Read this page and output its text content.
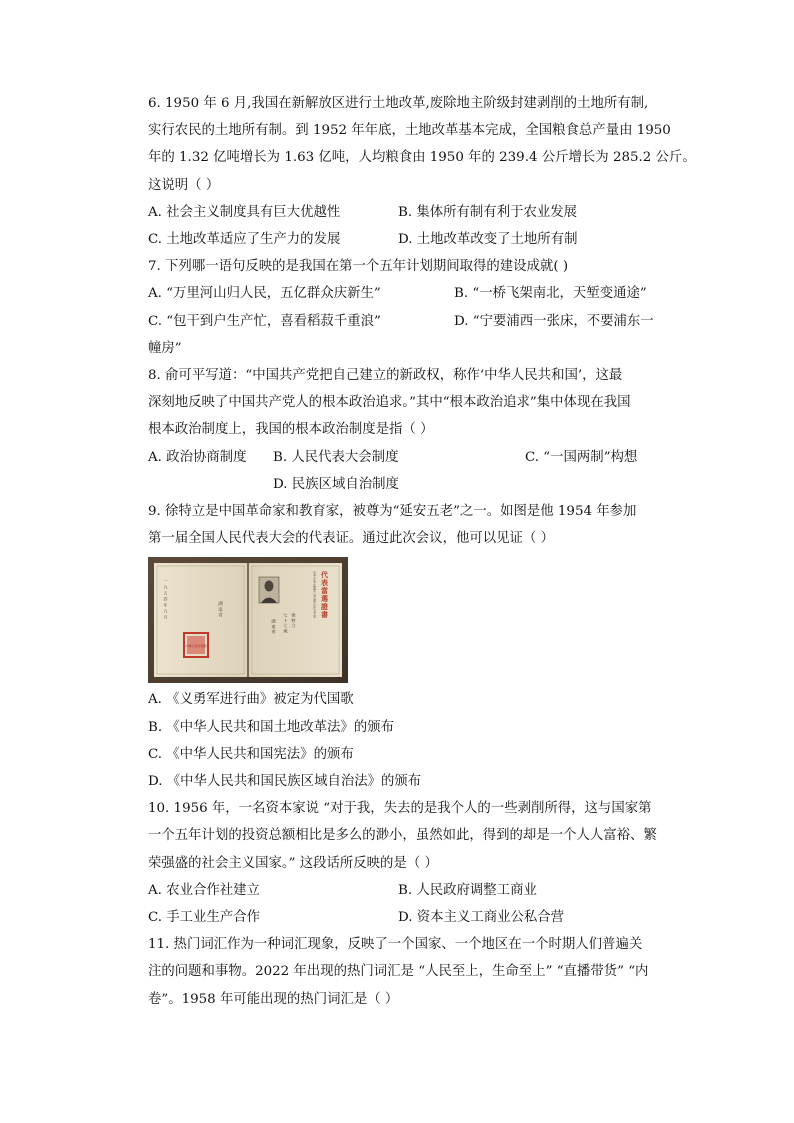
6. 1950 年 6 月,我国在新解放区进行土地改革,废除地主阶级封建剥削的土地所有制,
实行农民的土地所有制。到 1952 年年底，土地改革基本完成，全国粮食总产量由 1950
年的 1.32 亿吨增长为 1.63 亿吨，人均粮食由 1950 年的 239.4 公斤增长为 285.2 公斤。
这说明（ ）
A. 社会主义制度具有巨大优越性	B. 集体所有制有利于农业发展
C. 土地改革适应了生产力的发展	D. 土地改革改变了土地所有制
7. 下列哪一语句反映的是我国在第一个五年计划期间取得的建设成就( )
A. “万里河山归人民，五亿群众庆新生”	B. “一桥飞架南北，天堑变通途”
C. “包干到户生产忙，喜看稻菽千重浪”	D. “宁要浦西一张床，不要浦东一
幢房”
8. 俞可平写道：“中国共产党把自己建立的新政权，称作‘中华人民共和国’，这最
深刻地反映了中国共产党人的根本政治追求。”其中“根本政治追求”集中体现在我国
根本政治制度上，我国的根本政治制度是指（ ）
A. 政治协商制度 B. 人民代表大会制度	C. “一国两制”构想
D. 民族区域自治制度
9. 徐特立是中国革命家和教育家，被尊为“延安五老”之一。如图是他 1954 年参加
第一届全国人民代表大会的代表证。通过此次会议，他可以见证（ ）
一九五四年九月	湖南省
中華人民共和國
代表當選證書
中華人民共和國第一屆全國人民代表大會
徐特立
七十七歲
湖南省
A. 《义勇军进行曲》被定为代国歌
B. 《中华人民共和国土地改革法》的颁布
C. 《中华人民共和国宪法》的颁布
D. 《中华人民共和国民族区域自治法》的颁布
10. 1956 年，一名资本家说 “对于我，失去的是我个人的一些剥削所得，这与国家第
一个五年计划的投资总额相比是多么的渺小，虽然如此，得到的却是一个人人富裕、繁
荣强盛的社会主义国家。” 这段话所反映的是（ ）
A. 农业合作社建立	B. 人民政府调整工商业
C. 手工业生产合作	D. 资本主义工商业公私合营
11. 热门词汇作为一种词汇现象，反映了一个国家、一个地区在一个时期人们普遍关
注的问题和事物。2022 年出现的热门词汇是 “人民至上，生命至上” “直播带货” “内
卷”。1958 年可能出现的热门词汇是（ ）
